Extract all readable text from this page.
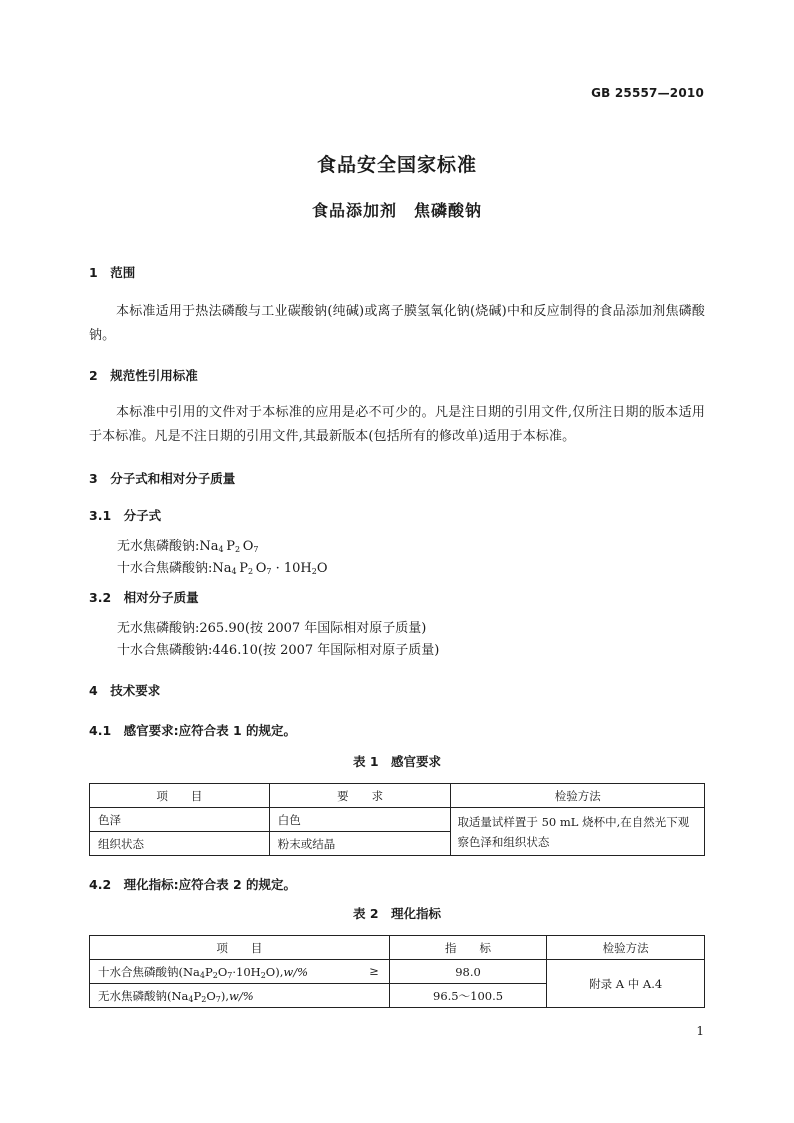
GB 25557—2010
食品安全国家标准
食品添加剂　焦磷酸钠
1　范围
本标准适用于热法磷酸与工业碳酸钠(纯碱)或离子膜氢氧化钠(烧碱)中和反应制得的食品添加剂焦磷酸钠。
2　规范性引用标准
本标准中引用的文件对于本标准的应用是必不可少的。凡是注日期的引用文件,仅所注日期的版本适用于本标准。凡是不注日期的引用文件,其最新版本(包括所有的修改单)适用于本标准。
3　分子式和相对分子质量
3.1　分子式
无水焦磷酸钠$:Na_4$  $P_2$  $O_7$
十水合焦磷酸钠$:Na_4$  $P_2$  $O_7 \cdot 10H_2O$
3.2　相对分子质量
无水焦磷酸钠:265.90(按 2007 年国际相对原子质量)
十水合焦磷酸钠:446.10(按 2007 年国际相对原子质量)
4　技术要求
4.1　感官要求:应符合表 1 的规定。
表 1　感官要求
项　　目	要　　求	检验方法
色泽	白色	取适量试样置于 50 mL 烧杯中,在自然光下观察色泽和组织状态
组织状态	粉末或结晶	
4.2　理化指标:应符合表 2 的规定。
表 2　理化指标
项　　目	指　　标	检验方法
十水合焦磷酸钠$(Na_4P_2O_7\cdot 10H_2O),w/\%$ ≥	98.0	附录 A 中 A.4
无水焦磷酸钠$(Na_4P_2O_7),w/\%$	96.5～100.5	
1
